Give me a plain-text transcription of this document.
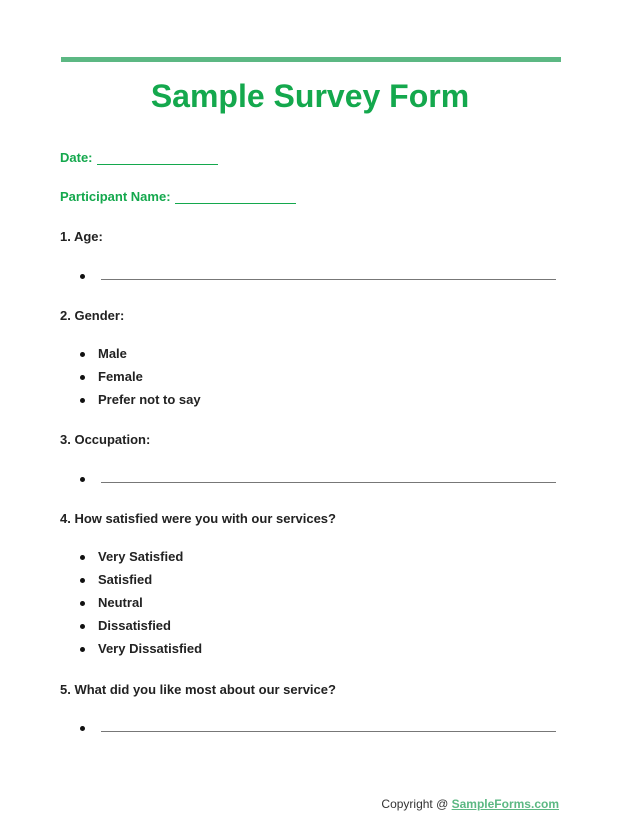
Sample Survey Form
Date:
Participant Name:
1. Age:
2. Gender:
Male
Female
Prefer not to say
3. Occupation:
4. How satisfied were you with our services?
Very Satisfied
Satisfied
Neutral
Dissatisfied
Very Dissatisfied
5. What did you like most about our service?
Copyright @ SampleForms.com
